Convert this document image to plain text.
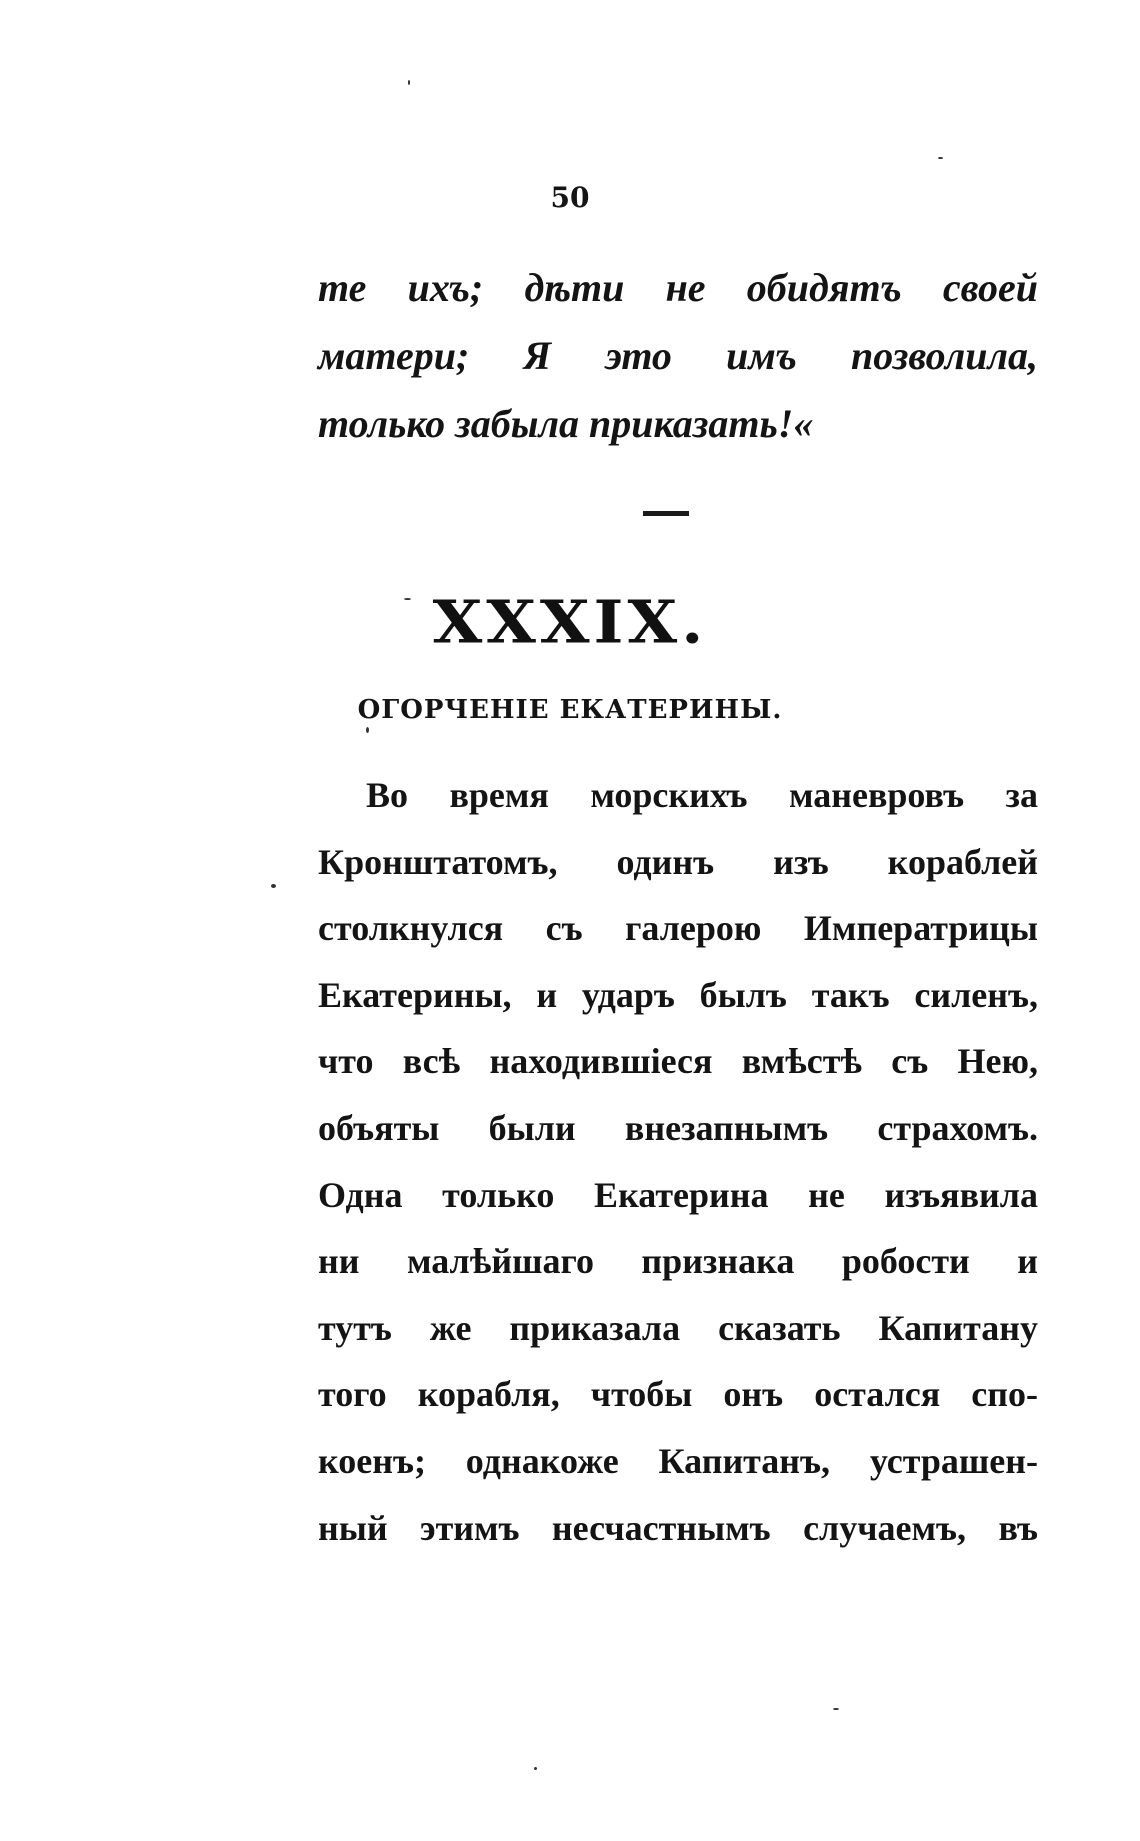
50
те ихъ; дѣти не обидятъ своей
матери; Я это имъ позволила,
только забыла приказать!«
XXXIX.
ОГОРЧЕНІЕ ЕКАТЕРИНЫ.
Во время морскихъ маневровъ за
Кронштатомъ, одинъ изъ кораблей
столкнулся съ галерою Императрицы
Екатерины, и ударъ былъ такъ силенъ,
что всѣ находившіеся вмѣстѣ съ Нею,
объяты были внезапнымъ страхомъ.
Одна только Екатерина не изъявила
ни малѣйшаго признака робости и
тутъ же приказала сказать Капитану
того корабля, чтобы онъ остался спо-
коенъ; однакоже Капитанъ, устрашен-
ный этимъ несчастнымъ случаемъ, въ
